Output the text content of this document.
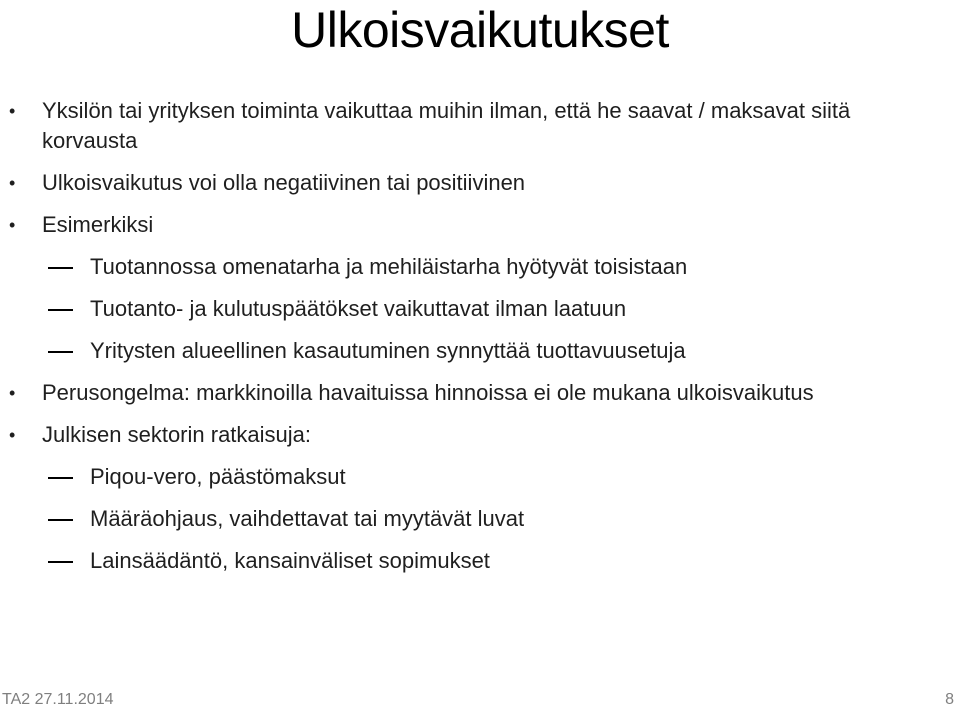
Ulkoisvaikutukset
• Yksilön tai yrityksen toiminta vaikuttaa muihin ilman, että he saavat / maksavat siitä korvausta
• Ulkoisvaikutus voi olla negatiivinen tai positiivinen
• Esimerkiksi
Tuotannossa omenatarha ja mehiläistarha hyötyvät toisistaan
Tuotanto- ja kulutuspäätökset vaikuttavat ilman laatuun
Yritysten alueellinen kasautuminen synnyttää tuottavuusetuja
• Perusongelma: markkinoilla havaituissa hinnoissa ei ole mukana ulkoisvaikutus
• Julkisen sektorin ratkaisuja:
Piqou-vero, päästömaksut
Määräohjaus, vaihdettavat tai myytävät luvat
Lainsäädäntö, kansainväliset sopimukset
TA2 27.11.2014	8
